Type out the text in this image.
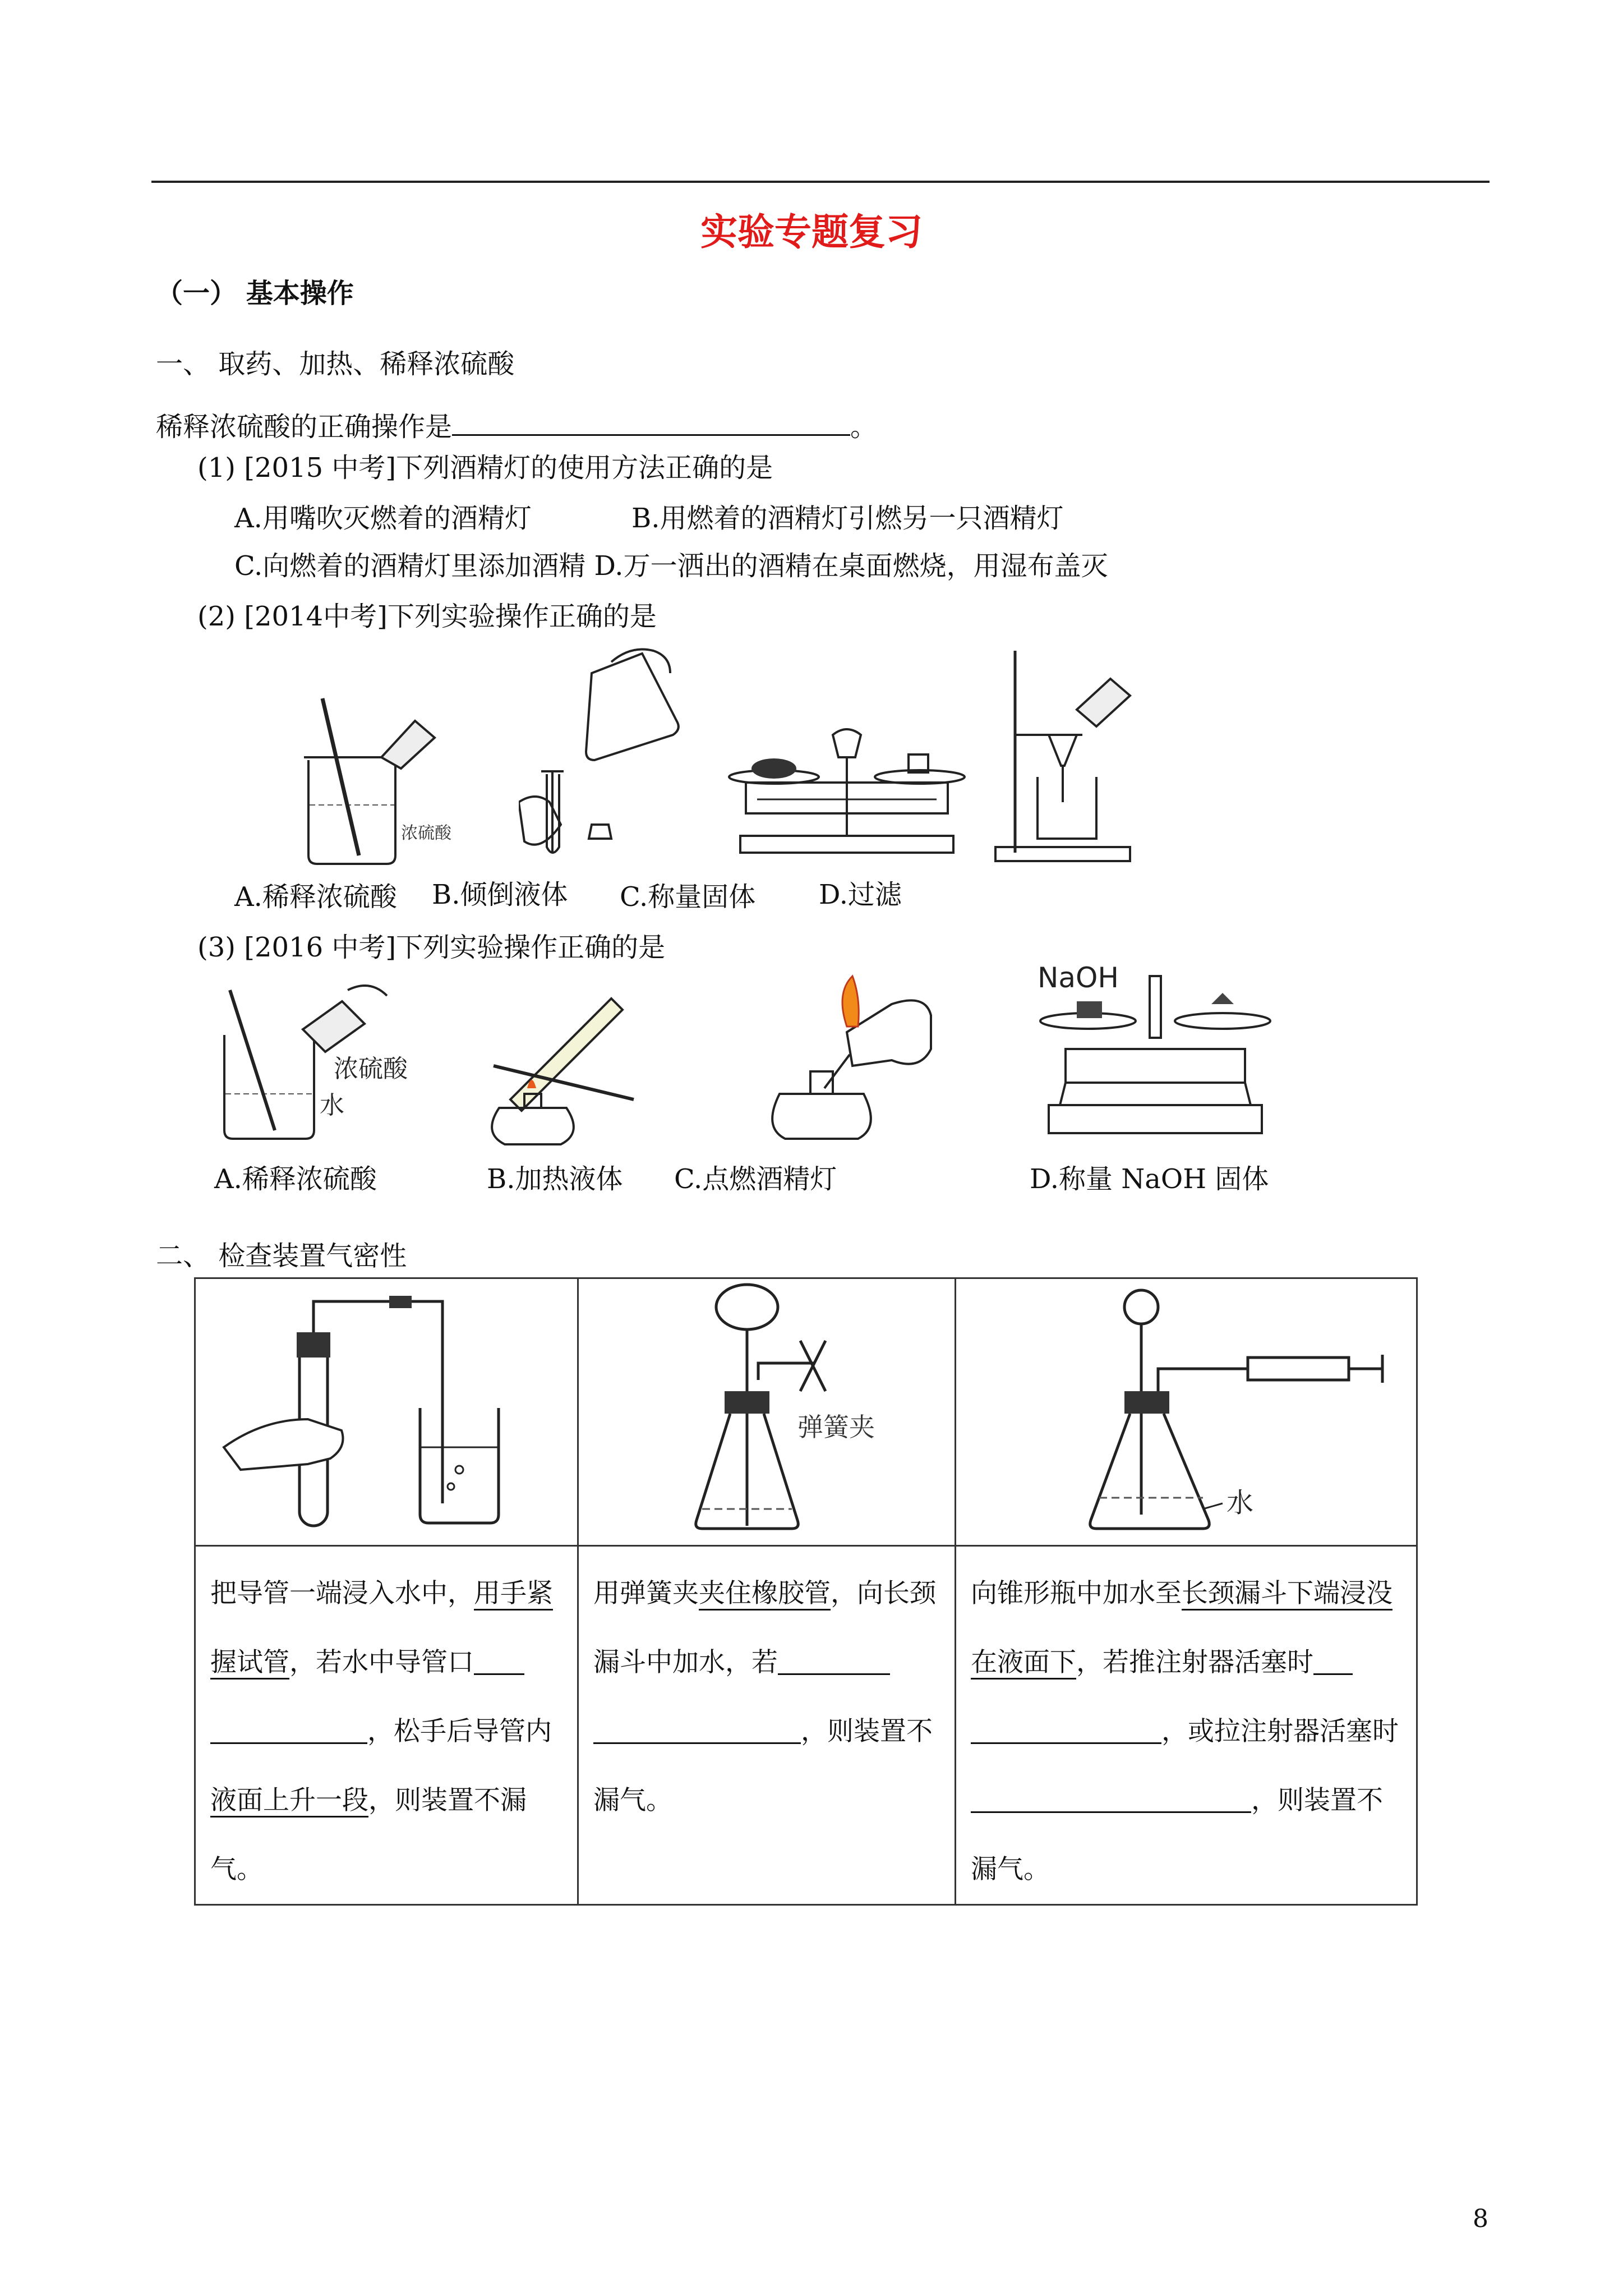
实验专题复习
（一） 基本操作
一、 取药、加热、稀释浓硫酸
稀释浓硫酸的正确操作是	。
(1) [2015 中考]下列酒精灯的使用方法正确的是
A.用嘴吹灭燃着的酒精灯	B.用燃着的酒精灯引燃另一只酒精灯
C.向燃着的酒精灯里添加酒精 D.万一洒出的酒精在桌面燃烧，用湿布盖灭
(2) [2014中考]下列实验操作正确的是
浓硫酸
A.稀释浓硫酸 B.倾倒液体 C.称量固体 D.过滤
(3) [2016 中考]下列实验操作正确的是
浓硫酸
水
NaOH
A.稀释浓硫酸	B.加热液体 C.点燃酒精灯	D.称量 NaOH 固体
二、 检查装置气密性

弹簧夹	水

把导管一端浸入水中，用手紧握试管，若水中导管口，松手后导管内液面上升一段，则装置不漏气。	用弹簧夹夹住橡胶管，向长颈漏斗中加水，若，则装置不漏气。	向锥形瓶中加水至长颈漏斗下端浸没在液面下，若推注射器活塞时，或拉注射器活塞时，则装置不漏气。
8
